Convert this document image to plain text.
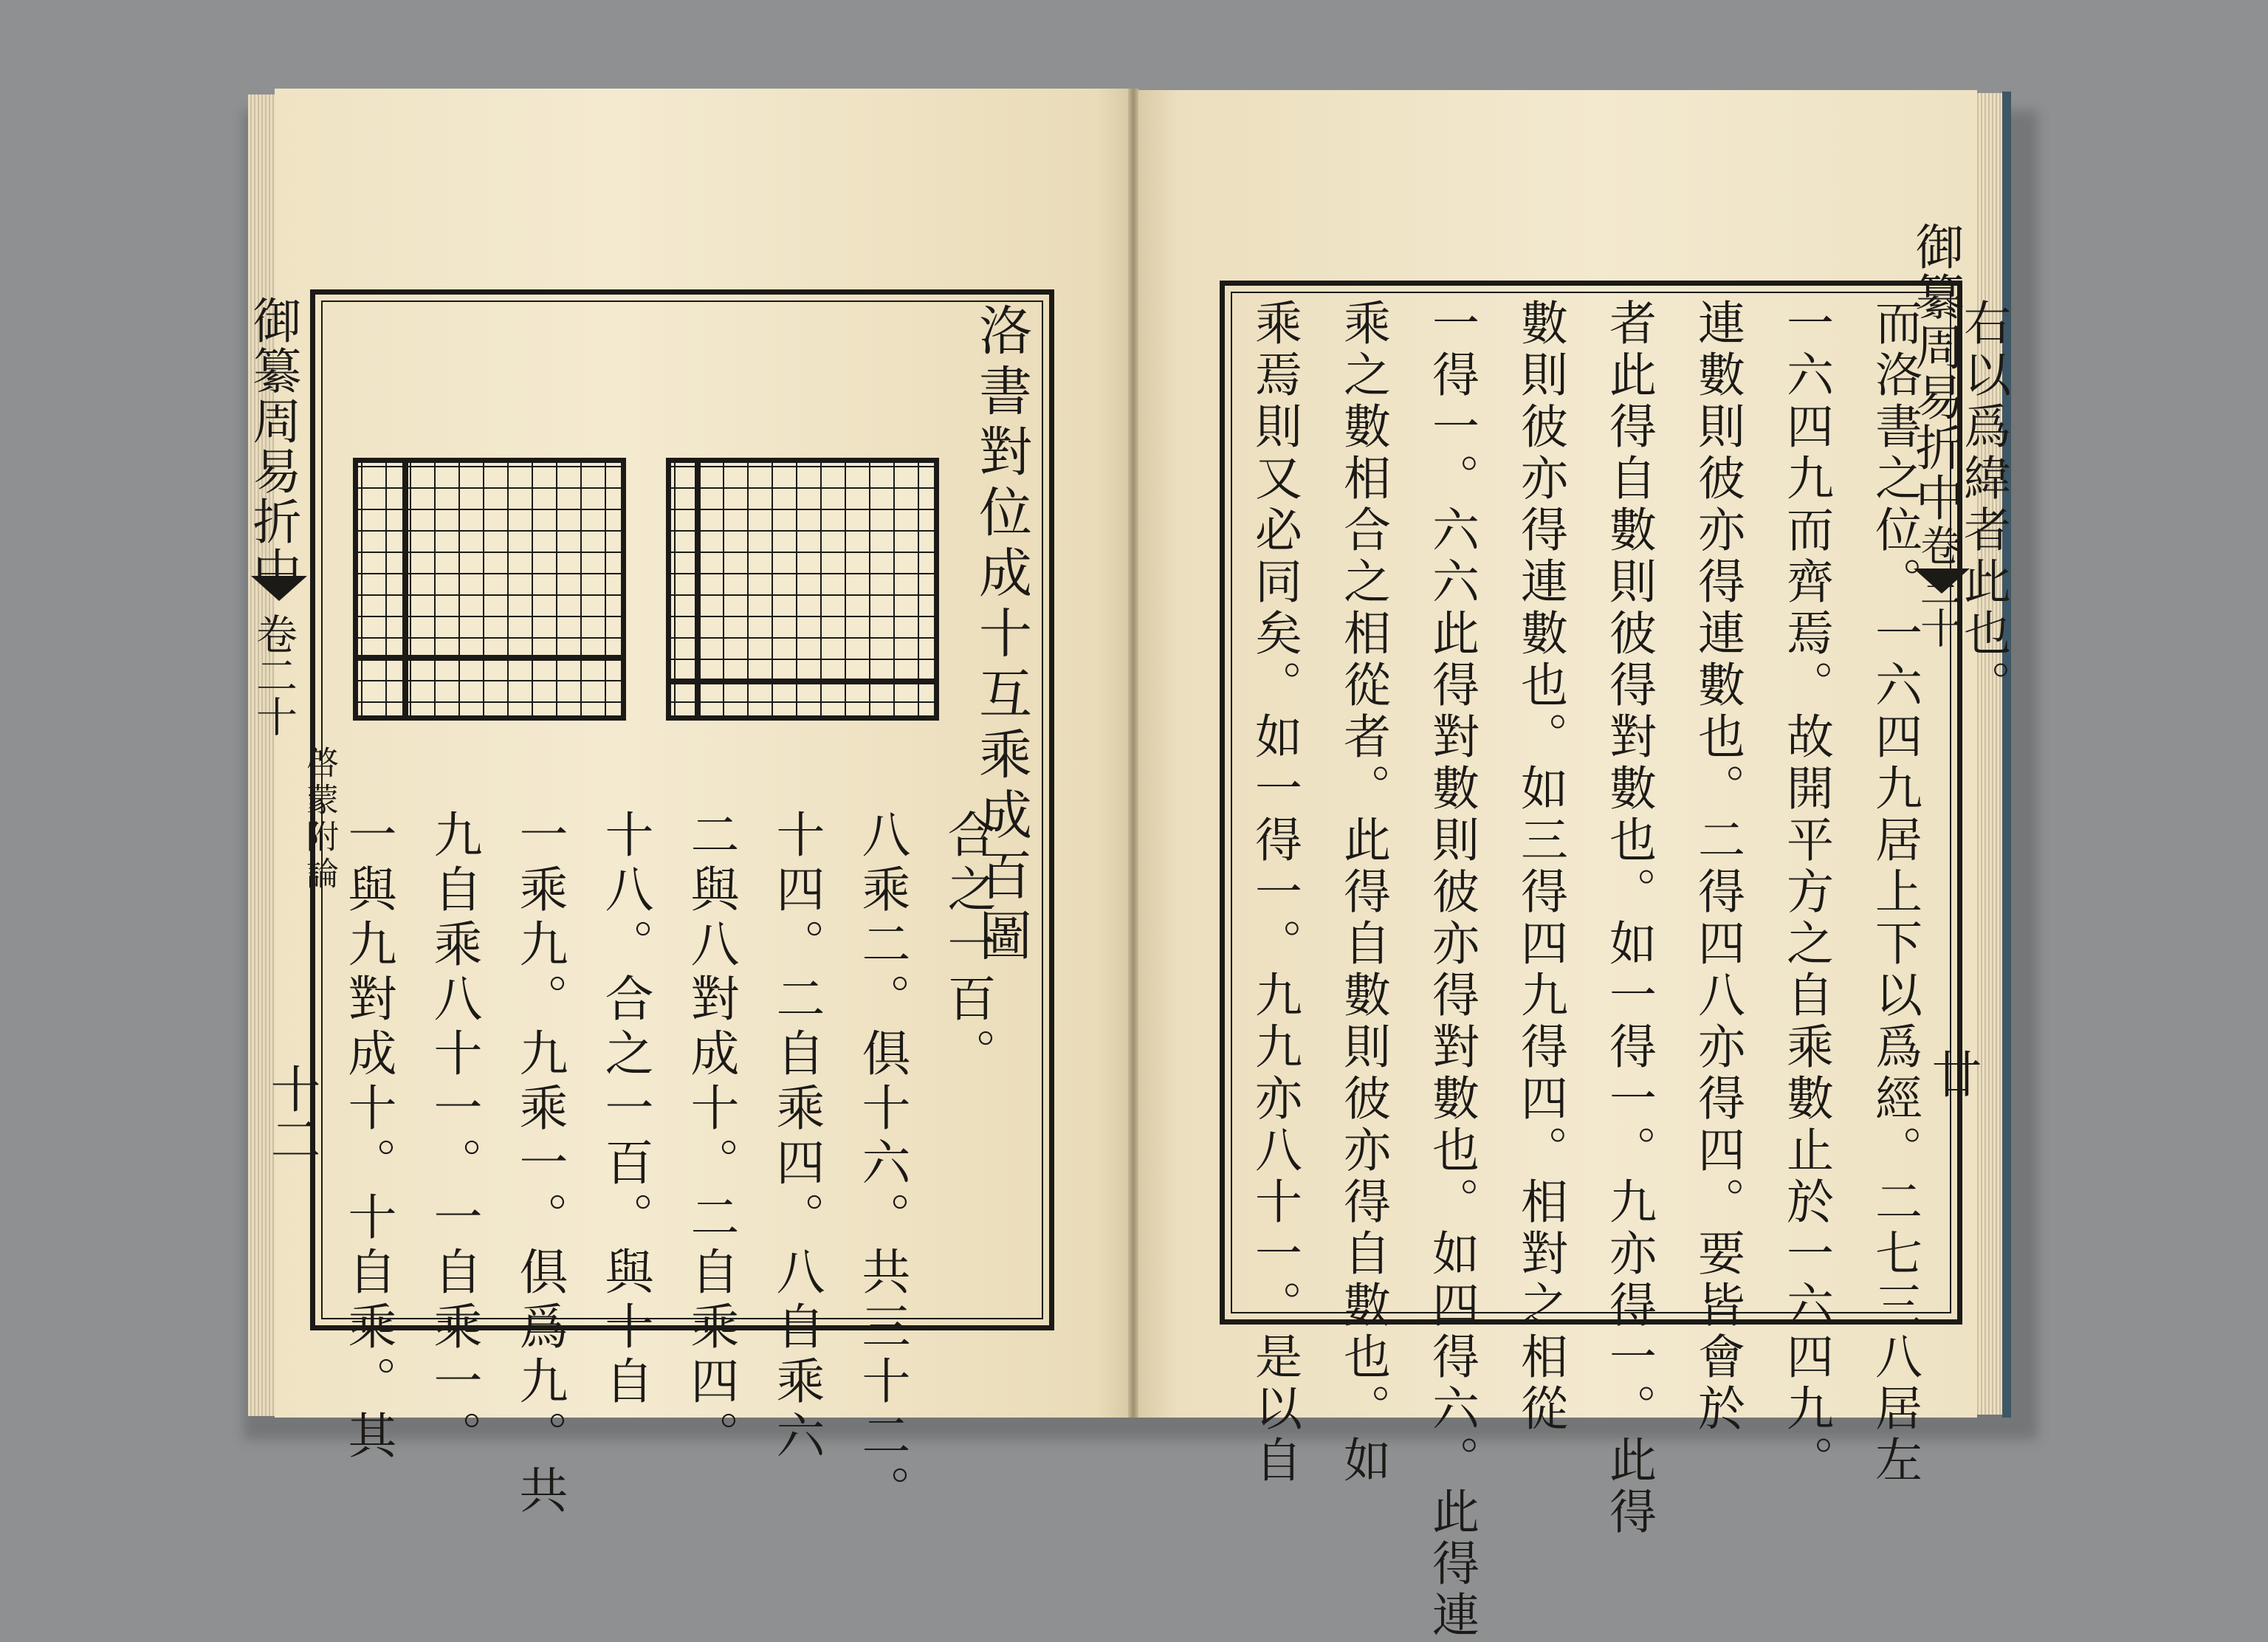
御纂周易折中
卷二十
啓蒙附論
十二
洛書對位成十互乘成百圖
合之一百。
八乘二。俱十六。共三十二。
十四。二自乘四。八自乘六
二與八對成十。二自乘四。
十八。合之一百。與十自
一乘九。九乘一。俱爲九。共
九自乘八十一。一自乘一。
一與九對成十。十自乘。其
御纂周易折中
卷三十
廿
右以爲緯者此也。
而洛書之位。一六四九居上下以爲經。二七三八居左
一六四九而齊焉。故開平方之自乘數止於一六四九。
連數則彼亦得連數也。二得四八亦得四。要皆會於
者此得自數則彼得對數也。如一得一。九亦得一。此得
數則彼亦得連數也。如三得四九得四。相對之相從
一得一。六六此得對數則彼亦得對數也。如四得六。此得連
乘之數相合之相從者。此得自數則彼亦得自數也。如
乘焉則又必同矣。如一得一。九九亦八十一。是以自
